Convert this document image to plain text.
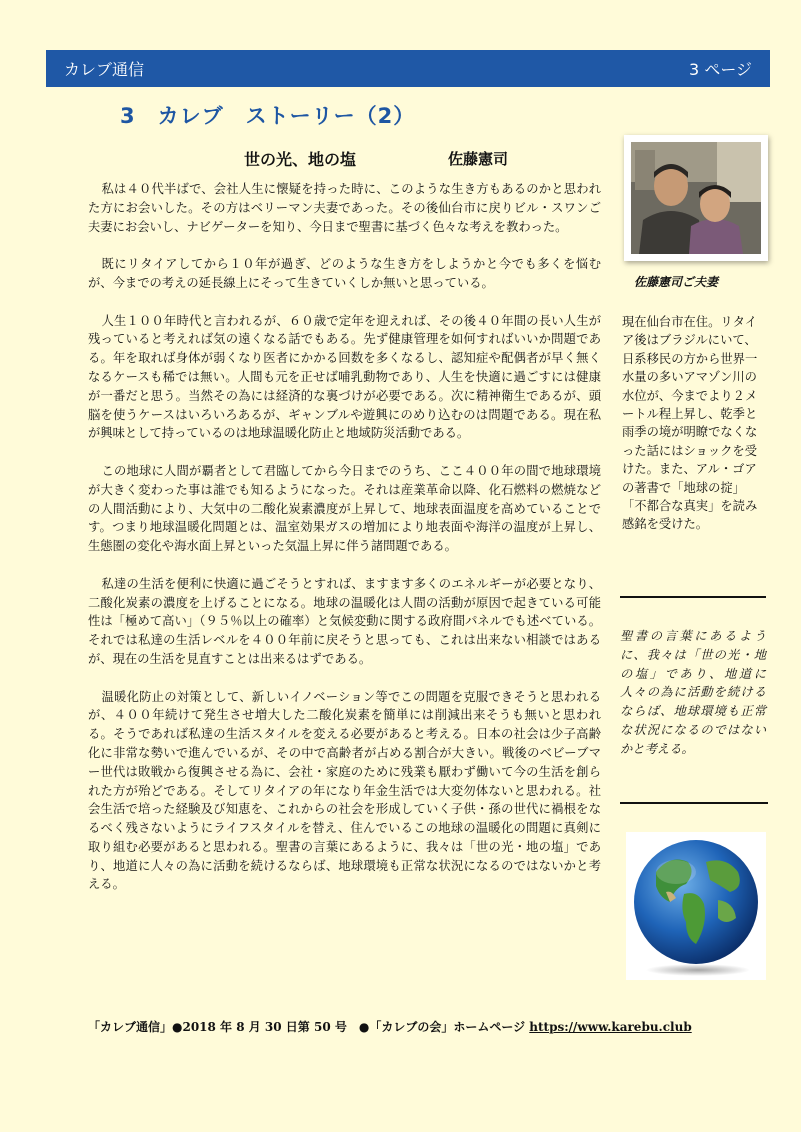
カレブ通信	3 ページ
3　カレブ　ストーリー（2）
世の光、地の塩	佐藤憲司

私は４０代半ばで、会社人生に懐疑を持った時に、このような生き方もあるのかと思われた方にお会いした。その方はベリーマン夫妻であった。その後仙台市に戻りビル・スワンご夫妻にお会いし、ナビゲーターを知り、今日まで聖書に基づく色々な考えを教わった。

既にリタイアしてから１０年が過ぎ、どのような生き方をしようかと今でも多くを悩むが、今までの考えの延長線上にそって生きていくしか無いと思っている。

人生１００年時代と言われるが、６０歳で定年を迎えれば、その後４０年間の長い人生が残っていると考えれば気の遠くなる話でもある。先ず健康管理を如何すればいいか問題である。年を取れば身体が弱くなり医者にかかる回数を多くなるし、認知症や配偶者が早く無くなるケースも稀では無い。人間も元を正せば哺乳動物であり、人生を快適に過ごすには健康が一番だと思う。当然その為には経済的な裏づけが必要である。次に精神衛生であるが、頭脳を使うケースはいろいろあるが、ギャンブルや遊興にのめり込むのは問題である。現在私が興味として持っているのは地球温暖化防止と地域防災活動である。

この地球に人間が覇者として君臨してから今日までのうち、ここ４００年の間で地球環境が大きく変わった事は誰でも知るようになった。それは産業革命以降、化石燃料の燃焼などの人間活動により、大気中の二酸化炭素濃度が上昇して、地球表面温度を高めていることです。つまり地球温暖化問題とは、温室効果ガスの増加により地表面や海洋の温度が上昇し、生態圏の変化や海水面上昇といった気温上昇に伴う諸問題である。

私達の生活を便利に快適に過ごそうとすれば、ますます多くのエネルギーが必要となり、二酸化炭素の濃度を上げることになる。地球の温暖化は人間の活動が原因で起きている可能性は「極めて高い」（９５％以上の確率）と気候変動に関する政府間パネルでも述べている。それでは私達の生活レベルを４００年前に戻そうと思っても、これは出来ない相談ではあるが、現在の生活を見直すことは出来るはずである。

温暖化防止の対策として、新しいイノベーション等でこの問題を克服できそうと思われるが、４００年続けて発生させ増大した二酸化炭素を簡単には削減出来そうも無いと思われる。そうであれば私達の生活スタイルを変える必要があると考える。日本の社会は少子高齢化に非常な勢いで進んでいるが、その中で高齢者が占める割合が大きい。戦後のベビーブマー世代は敗戦から復興させる為に、会社・家庭のために残業も厭わず働いて今の生活を創られた方が殆どである。そしてリタイアの年になり年金生活では大変勿体ないと思われる。社会生活で培った経験及び知恵を、これからの社会を形成していく子供・孫の世代に禍根をなるべく残さないようにライフスタイルを替え、住んでいるこの地球の温暖化の問題に真剣に取り組む必要があると思われる。聖書の言葉にあるように、我々は「世の光・地の塩」であり、地道に人々の為に活動を続けるならば、地球環境も正常な状況になるのではないかと考える。

佐藤憲司ご夫妻
現在仙台市在住。リタイア後はブラジルにいて、日系移民の方から世界一水量の多いアマゾン川の水位が、今までより２メートル程上昇し、乾季と雨季の境が明瞭でなくなった話にはショックを受けた。また、アル・ゴアの著書で「地球の掟」「不都合な真実」を読み感銘を受けた。
聖書の言葉にあるように、我々は「世の光・地の塩」であり、地道に人々の為に活動を続けるならば、地球環境も正常な状況になるのではないかと考える。
「カレブ通信」●2018 年 8 月 30 日第 50 号　●「カレブの会」ホームページ https://www.karebu.club
